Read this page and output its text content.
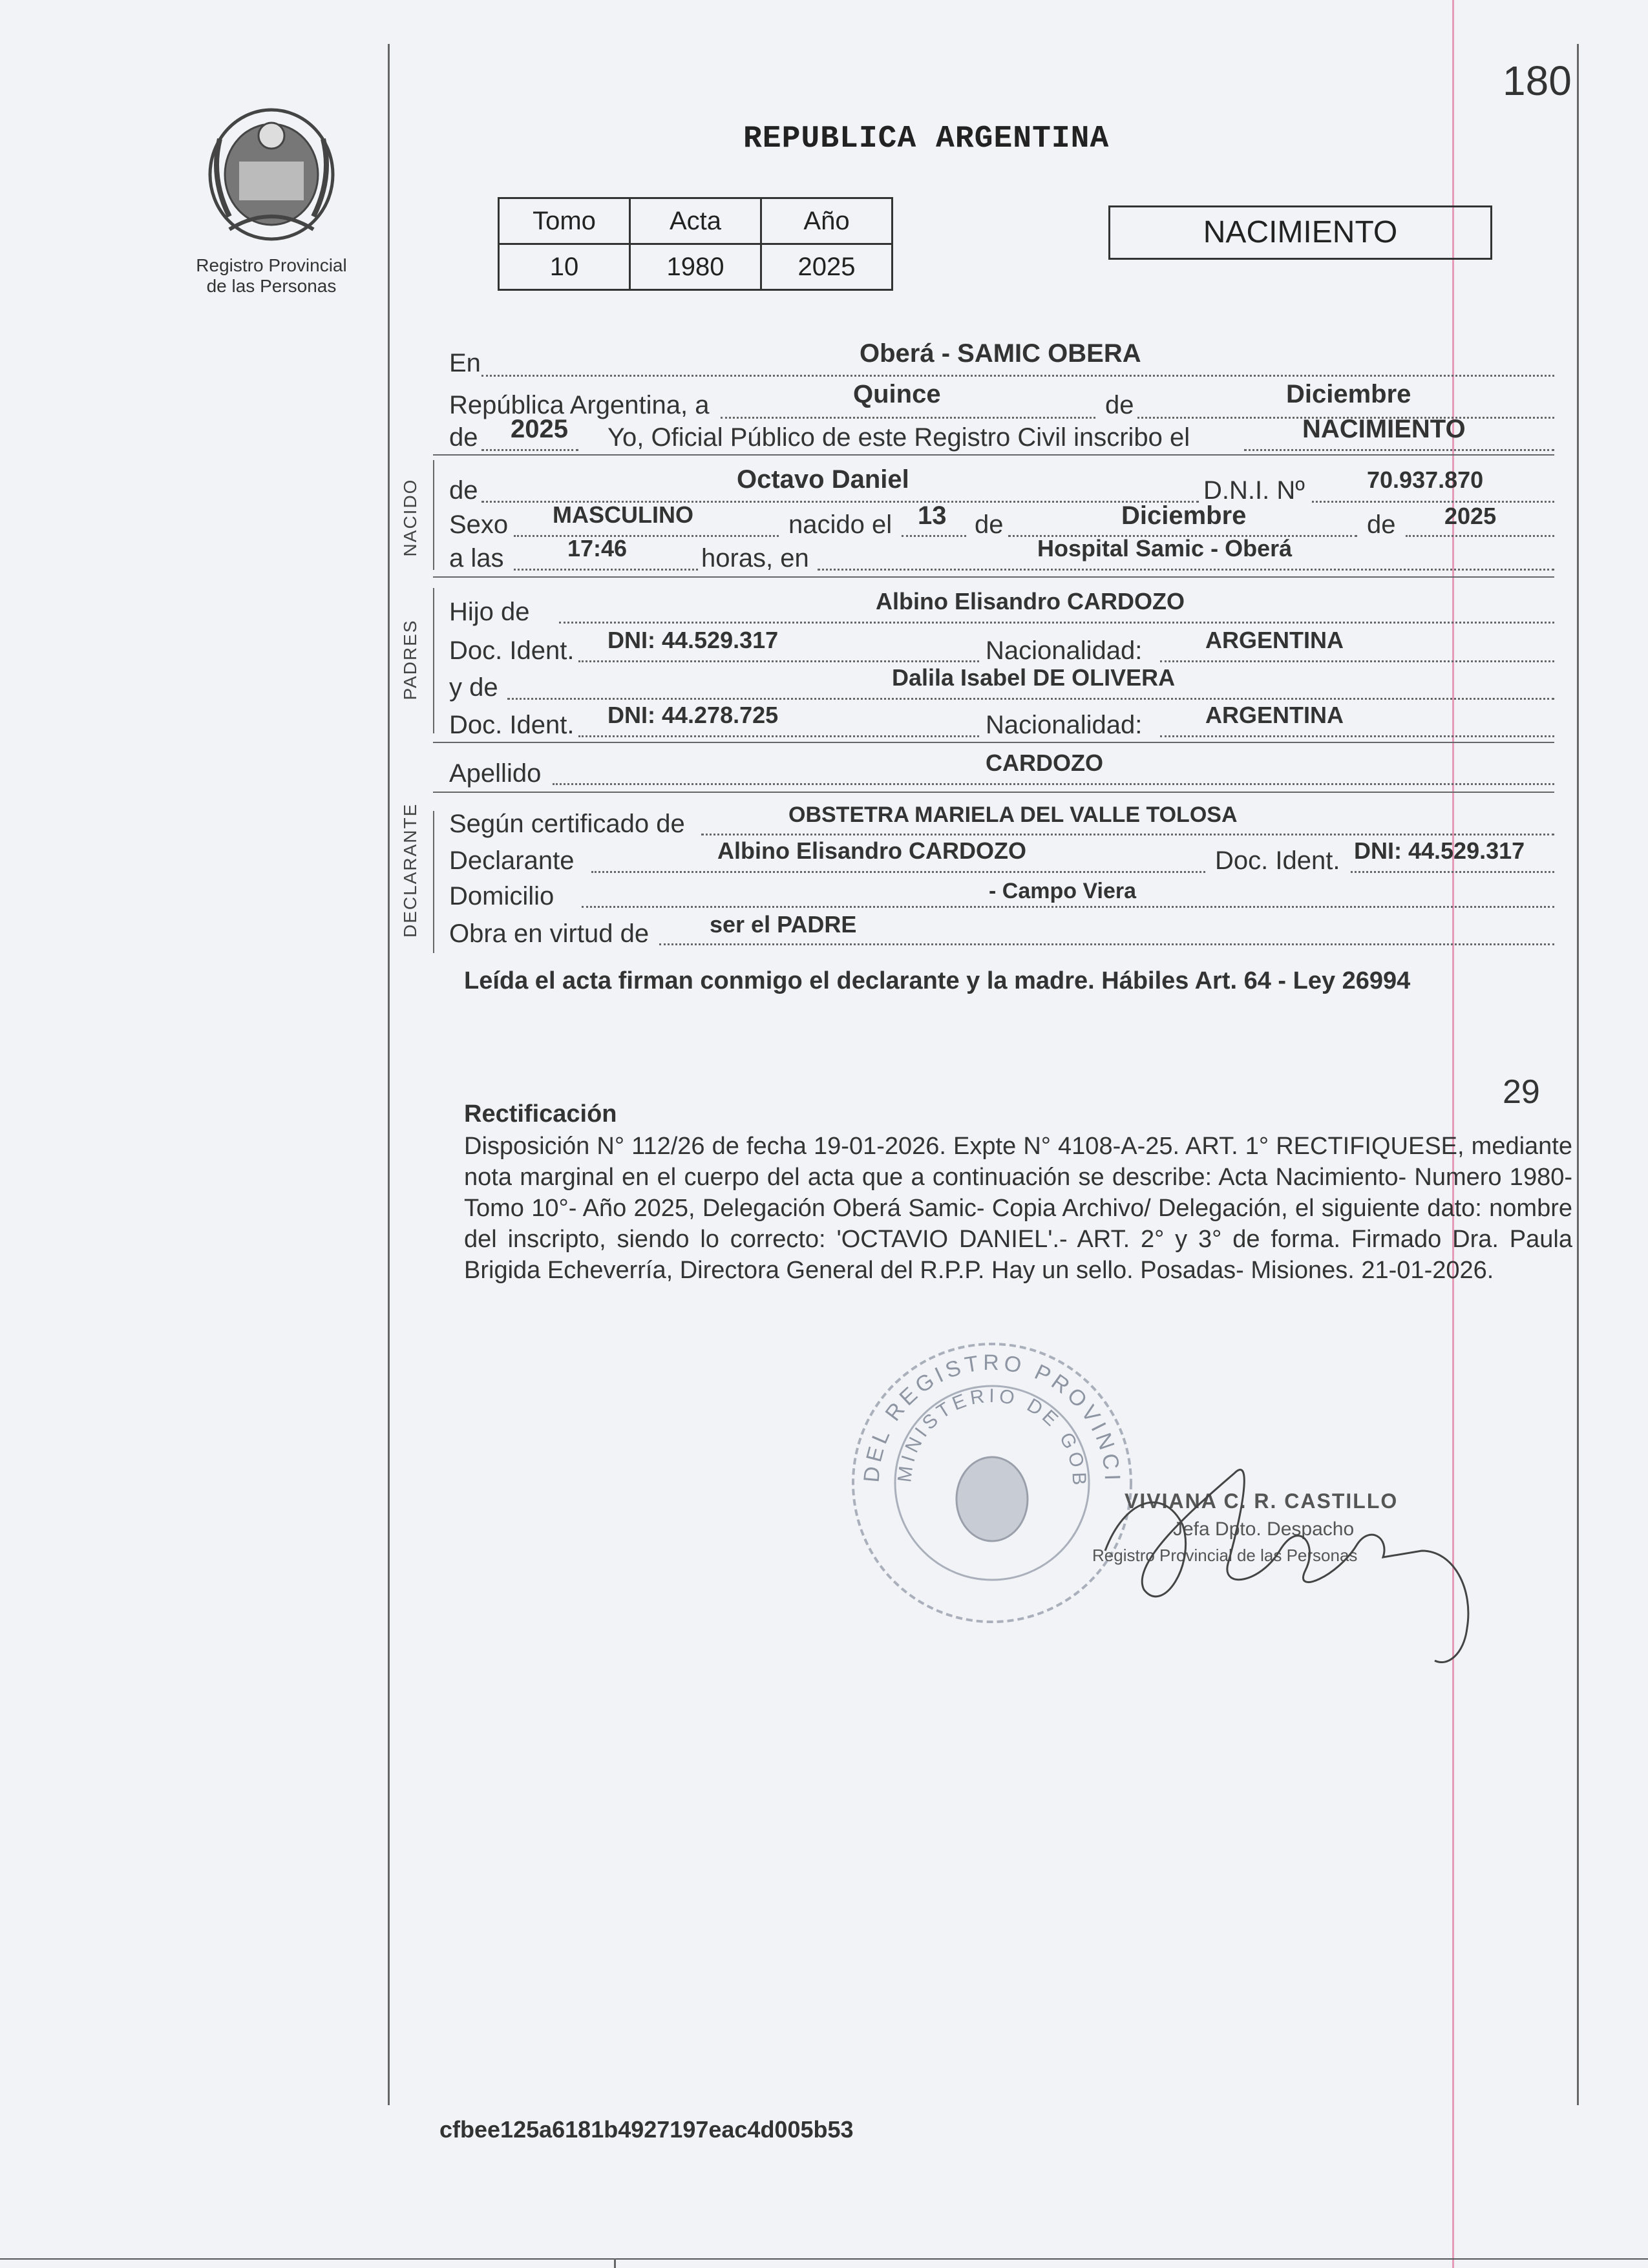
180
Registro Provincial
de las Personas
REPUBLICA ARGENTINA
Tomo	Acta	Año
10	1980	2025
NACIMIENTO
En	Oberá - SAMIC OBERA
República Argentina, a	Quince	de	Diciembre
de 2025 Yo, Oficial Público de este Registro Civil inscribo el	NACIMIENTO
NACIDO de	Octavo Daniel	D.N.I. Nº	70.937.870
Sexo MASCULINO	nacido el 13 de	Diciembre	de 2025
a las	17:46	horas, en	Hospital Samic - Oberá
PADRES
Hijo de	Albino Elisandro CARDOZO
Doc. Ident. DNI: 44.529.317	Nacionalidad:	ARGENTINA
y de	Dalila Isabel DE OLIVERA
Doc. Ident. DNI: 44.278.725	Nacionalidad:	ARGENTINA
Apellido	CARDOZO
DECLARANTE Según certificado de	OBSTETRA MARIELA DEL VALLE TOLOSA
Declarante	Albino Elisandro CARDOZO	Doc. Ident. DNI: 44.529.317
Domicilio	- Campo Viera
Obra en virtud de	ser el PADRE
Leída el acta firman conmigo el declarante y la madre. Hábiles Art. 64 - Ley 26994
29
Rectificación
Disposición N° 112/26 de fecha 19-01-2026. Expte N° 4108-A-25. ART. 1° RECTIFIQUESE, mediante nota marginal en el cuerpo del acta que a continuación se describe: Acta Nacimiento- Numero 1980- Tomo 10°- Año 2025, Delegación Oberá Samic- Copia Archivo/ Delegación, el siguiente dato: nombre del inscripto, siendo lo correcto: 'OCTAVIO DANIEL'.- ART. 2° y 3° de forma. Firmado Dra. Paula Brigida Echeverría, Directora General del R.P.P. Hay un sello. Posadas- Misiones. 21-01-2026.
DEL REGISTRO PROVINCI
MINISTERIO DE GOB
VIVIANA C. R. CASTILLO
Jefa Dpto. Despacho
Registro Provincial de las Personas
cfbee125a6181b4927197eac4d005b53
